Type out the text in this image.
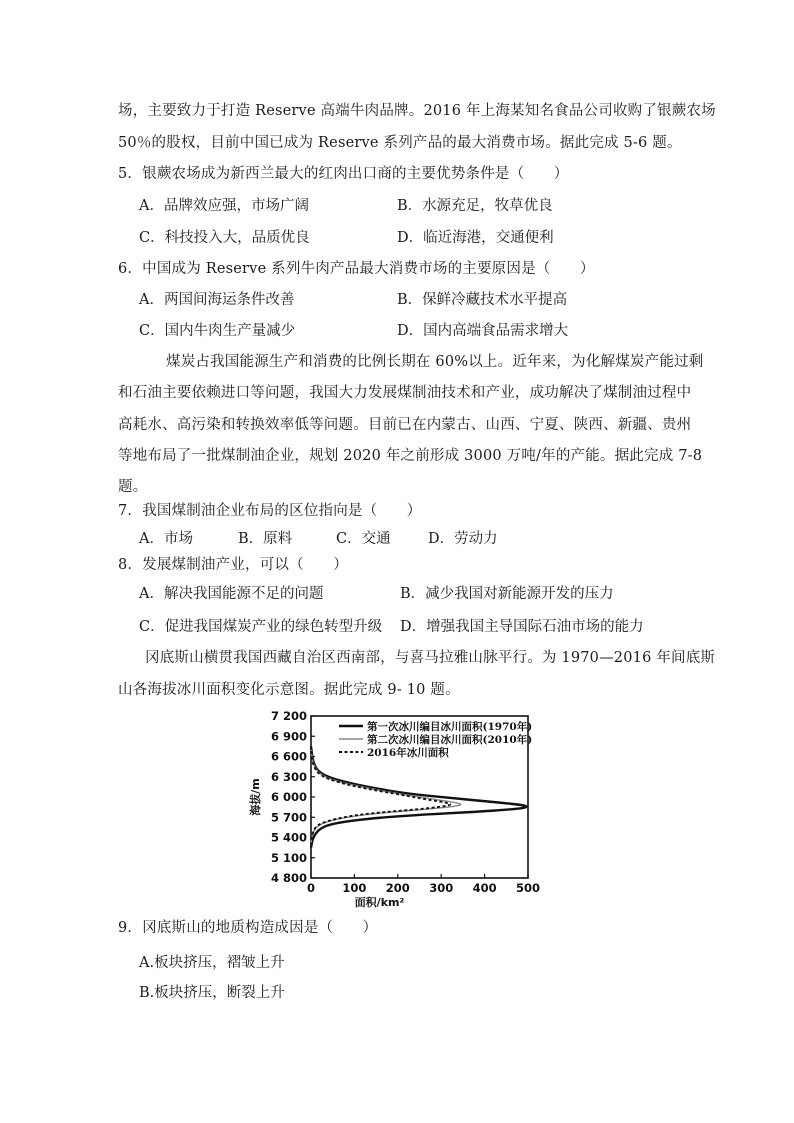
场，主要致力于打造 Reserve 高端牛肉品牌。2016 年上海某知名食品公司收购了银蕨农场
50％的股权，目前中国已成为 Reserve 系列产品的最大消费市场。据此完成 5-6 题。
5．银蕨农场成为新西兰最大的红肉出口商的主要优势条件是（　　）
A．品牌效应强，市场广阔	B．水源充足，牧草优良
C．科技投入大，品质优良	D．临近海港，交通便利
6．中国成为 Reserve 系列牛肉产品最大消费市场的主要原因是（　　）
A．两国间海运条件改善	B．保鲜冷藏技术水平提高
C．国内牛肉生产量减少	D．国内高端食品需求增大
煤炭占我国能源生产和消费的比例长期在 60%以上。近年来，为化解煤炭产能过剩
和石油主要依赖进口等问题，我国大力发展煤制油技术和产业，成功解决了煤制油过程中
高耗水、高污染和转换效率低等问题。目前已在内蒙古、山西、宁夏、陕西、新疆、贵州
等地布局了一批煤制油企业，规划 2020 年之前形成 3000 万吨/年的产能。据此完成 7-8
题。
7．我国煤制油企业布局的区位指向是（　　）
A．市场	B．原料	C．交通	D．劳动力
8．发展煤制油产业，可以（　　）
A．解决我国能源不足的问题	B．减少我国对新能源开发的压力
C．促进我国煤炭产业的绿色转型升级 D．增强我国主导国际石油市场的能力
冈底斯山横贯我国西藏自治区西南部，与喜马拉雅山脉平行。为 1970—2016 年间底斯
山各海拔冰川面积变化示意图。据此完成 9- 10 题。
7 200
6 900
6 600
6 300
6 000
5 700
5 400
5 100
4 800
0 100 200 300 400 500
面积/km²
海拔/m
第一次冰川编目冰川面积(1970年)
第二次冰川编目冰川面积(2010年)
2016年冰川面积
9．冈底斯山的地质构造成因是（　　）
A.板块挤压，褶皱上升
B.板块挤压，断裂上升
